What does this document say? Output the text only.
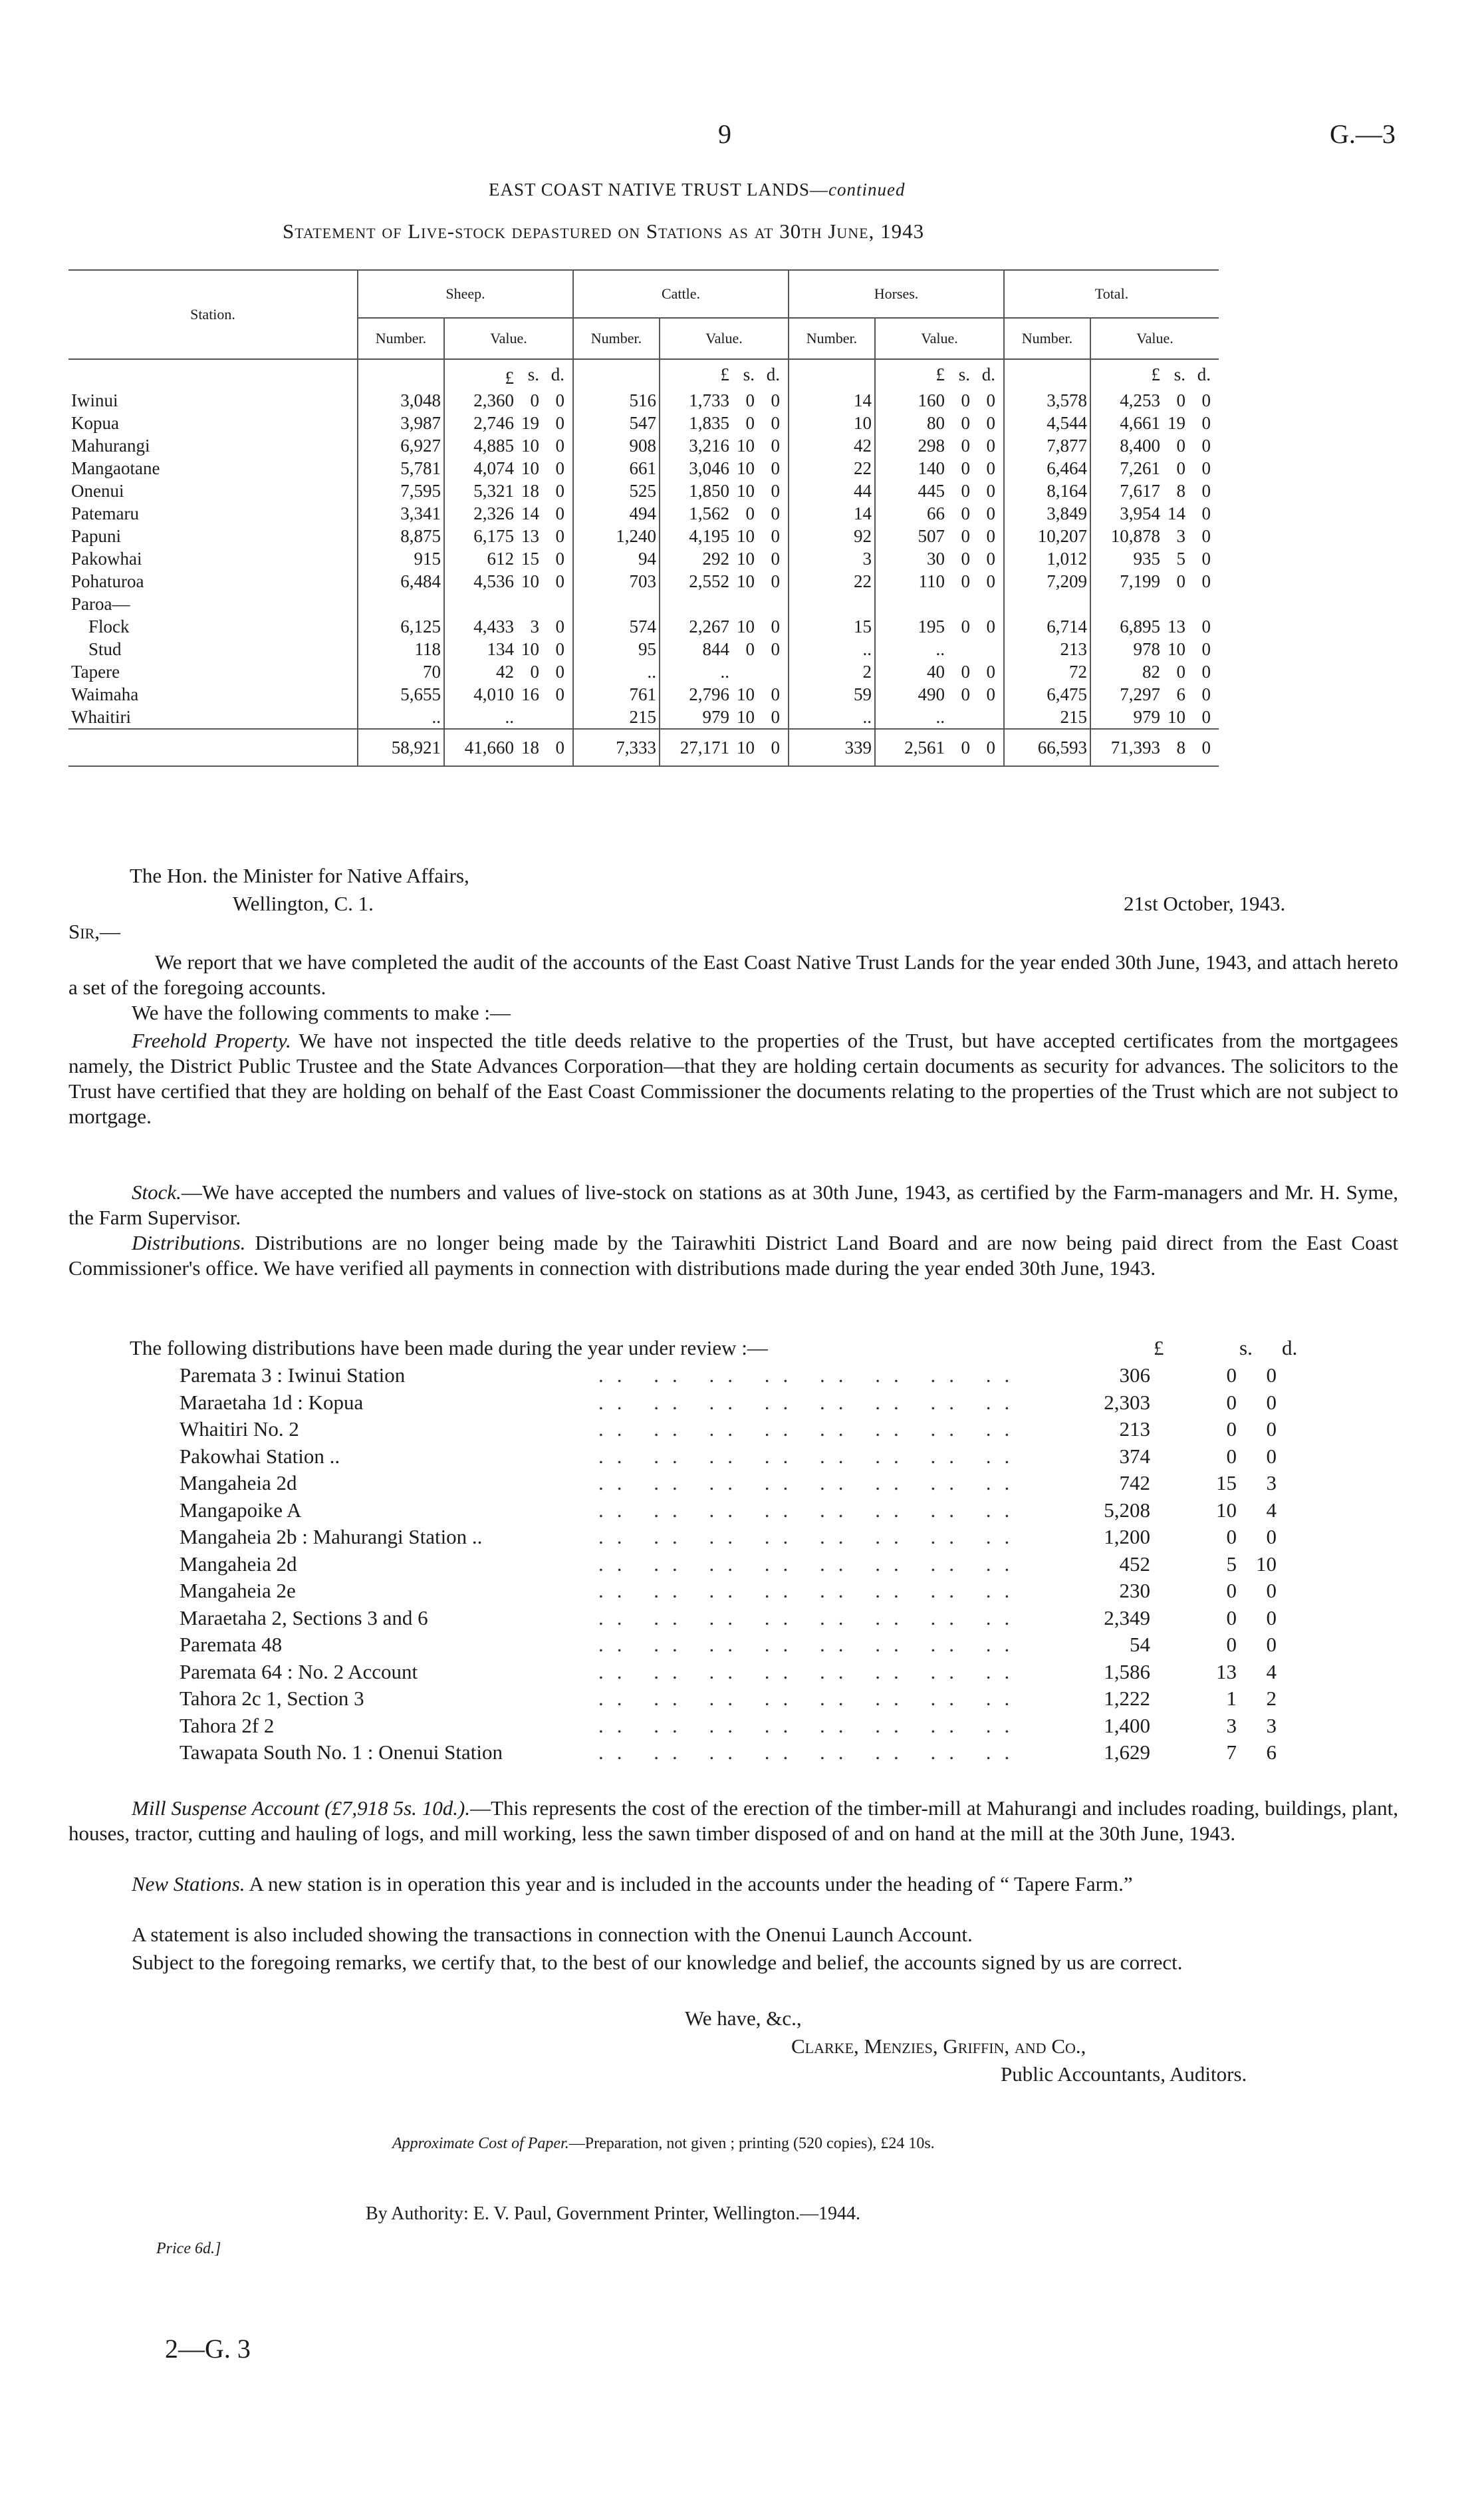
9	G.—3
EAST COAST NATIVE TRUST LANDS—continued
Statement of Live-stock depastured on Stations as at 30th June, 1943
Station.	Sheep.					Cattle.					Horses.					Total.				
	Number.	Value.				Number.	Value.				Number.	Value.				Number.	Value.			
		£	s.	d.			£	s.	d.			£	s.	d.			£	s.	d.	
Iwinui	3,048	2,360	0	0		516	1,733	0	0		14	160	0	0		3,578	4,253	0	0	
Kopua	3,987	2,746	19	0		547	1,835	0	0		10	80	0	0		4,544	4,661	19	0	
Mahurangi	6,927	4,885	10	0		908	3,216	10	0		42	298	0	0		7,877	8,400	0	0	
Mangaotane	5,781	4,074	10	0		661	3,046	10	0		22	140	0	0		6,464	7,261	0	0	
Onenui	7,595	5,321	18	0		525	1,850	10	0		44	445	0	0		8,164	7,617	8	0	
Patemaru	3,341	2,326	14	0		494	1,562	0	0		14	66	0	0		3,849	3,954	14	0	
Papuni	8,875	6,175	13	0		1,240	4,195	10	0		92	507	0	0		10,207	10,878	3	0	
Pakowhai	915	612	15	0		94	292	10	0		3	30	0	0		1,012	935	5	0	
Pohaturoa	6,484	4,536	10	0		703	2,552	10	0		22	110	0	0		7,209	7,199	0	0	
Paroa—																				
Flock	6,125	4,433	3	0		574	2,267	10	0		15	195	0	0		6,714	6,895	13	0	
Stud	118	134	10	0		95	844	0	0		..	..				213	978	10	0	
Tapere	70	42	0	0		..	..				2	40	0	0		72	82	0	0	
Waimaha	5,655	4,010	16	0		761	2,796	10	0		59	490	0	0		6,475	7,297	6	0	
Whaitiri	..	..				215	979	10	0		..	..				215	979	10	0	
	58,921	41,660	18	0		7,333	27,171	10	0		339	2,561	0	0		66,593	71,393	8	0	
The Hon. the Minister for Native Affairs,
Wellington, C. 1.	21st October, 1943.
Sir,—
We report that we have completed the audit of the accounts of the East Coast Native Trust Lands for the year ended 30th June, 1943, and attach hereto a set of the foregoing accounts.
We have the following comments to make :—
Freehold Property. We have not inspected the title deeds relative to the properties of the Trust, but have accepted certificates from the mortgagees namely, the District Public Trustee and the State Advances Corporation—that they are holding certain documents as security for advances. The solicitors to the Trust have certified that they are holding on behalf of the East Coast Commissioner the documents relating to the properties of the Trust which are not subject to mortgage.
Stock.—We have accepted the numbers and values of live-stock on stations as at 30th June, 1943, as certified by the Farm-managers and Mr. H. Syme, the Farm Supervisor.
Distributions. Distributions are no longer being made by the Tairawhiti District Land Board and are now being paid direct from the East Coast Commissioner's office. We have verified all payments in connection with distributions made during the year ended 30th June, 1943.
The following distributions have been made during the year under review :—	£	s. d.
Paremata 3 : Iwinui Station	.. .. .. .. .. .. .. ..	306	0	0
Maraetaha 1d : Kopua	.. .. .. .. .. .. .. ..	2,303	0	0
Whaitiri No. 2	.. .. .. .. .. .. .. ..	213	0	0
Pakowhai Station ..	.. .. .. .. .. .. .. ..	374	0	0
Mangaheia 2d	.. .. .. .. .. .. .. ..	742	15	3
Mangapoike A	.. .. .. .. .. .. .. ..	5,208	10	4
Mangaheia 2b : Mahurangi Station ..	.. .. .. .. .. .. .. ..	1,200	0	0
Mangaheia 2d	.. .. .. .. .. .. .. ..	452	5 10
Mangaheia 2e	.. .. .. .. .. .. .. ..	230	0	0
Maraetaha 2, Sections 3 and 6	.. .. .. .. .. .. .. ..	2,349	0	0
Paremata 48	.. .. .. .. .. .. .. ..	54	0	0
Paremata 64 : No. 2 Account	.. .. .. .. .. .. .. ..	1,586	13	4
Tahora 2c 1, Section 3	.. .. .. .. .. .. .. ..	1,222	1	2
Tahora 2f 2	.. .. .. .. .. .. .. ..	1,400	3	3
Tawapata South No. 1 : Onenui Station	.. .. .. .. .. .. .. ..	1,629	7	6
Mill Suspense Account (£7,918 5s. 10d.).—This represents the cost of the erection of the timber-mill at Mahurangi and includes roading, buildings, plant, houses, tractor, cutting and hauling of logs, and mill working, less the sawn timber disposed of and on hand at the mill at the 30th June, 1943.
New Stations. A new station is in operation this year and is included in the accounts under the heading of “ Tapere Farm.”
A statement is also included showing the transactions in connection with the Onenui Launch Account.
Subject to the foregoing remarks, we certify that, to the best of our knowledge and belief, the accounts signed by us are correct.
We have, &c.,
Clarke, Menzies, Griffin, and Co.,
Public Accountants, Auditors.
Approximate Cost of Paper.—Preparation, not given ; printing (520 copies), £24 10s.
By Authority: E. V. Paul, Government Printer, Wellington.—1944.
Price 6d.]
2—G. 3
